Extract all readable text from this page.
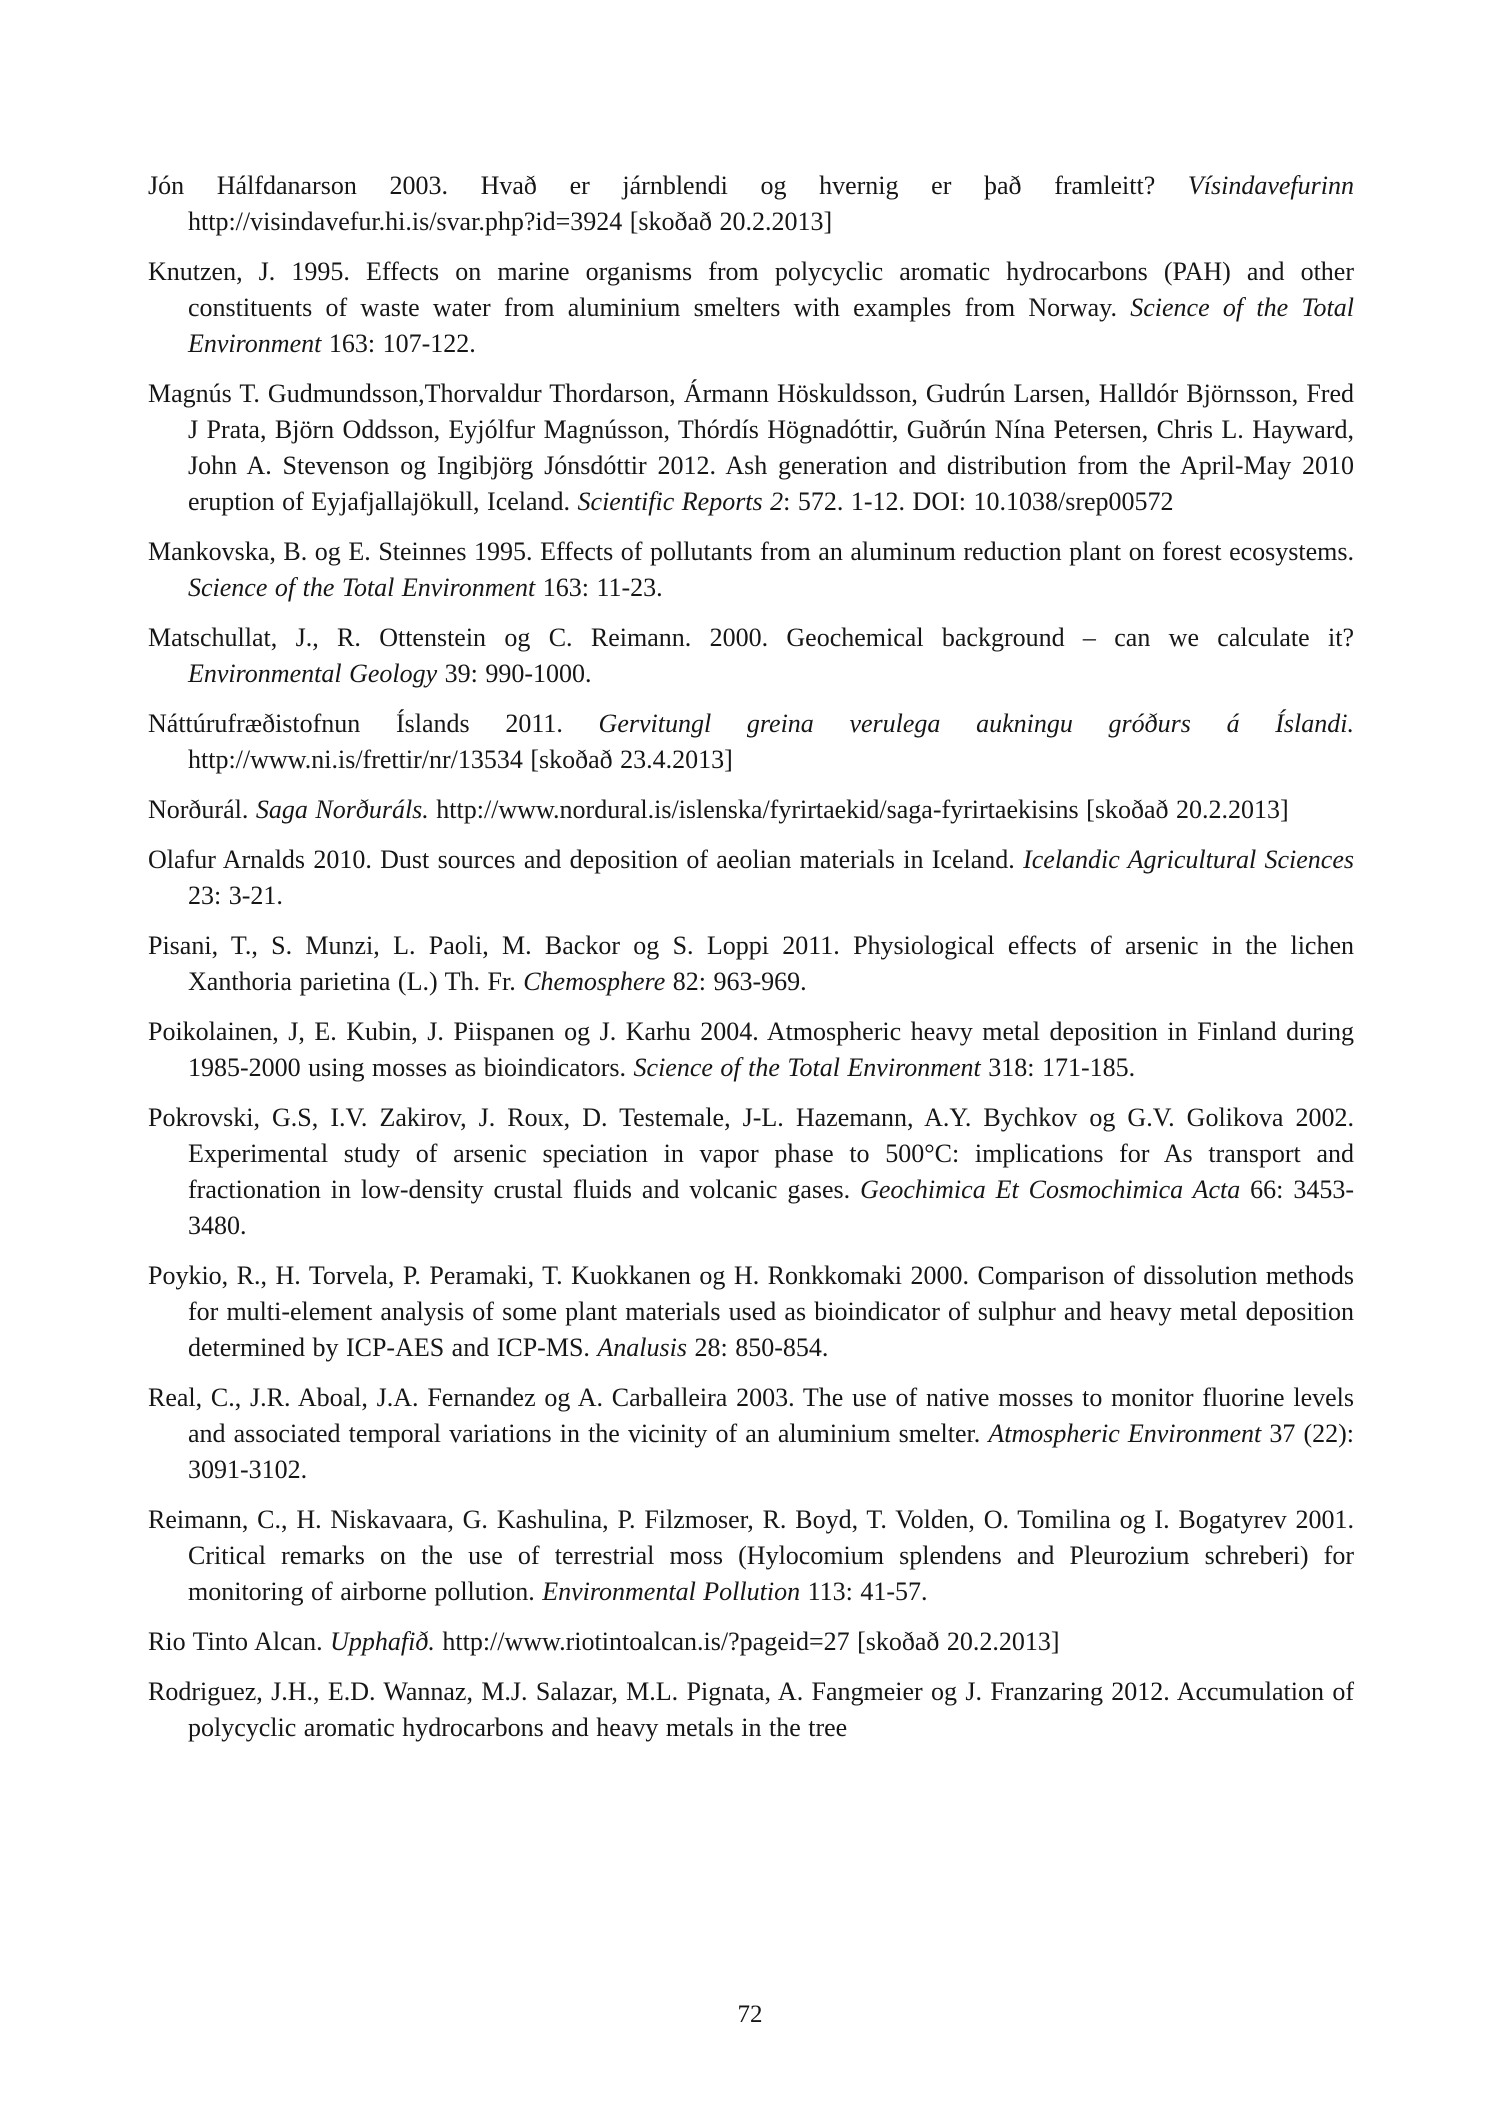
Jón Hálfdanarson 2003. Hvað er járnblendi og hvernig er það framleitt? Vísindavefurinn http://visindavefur.hi.is/svar.php?id=3924 [skoðað 20.2.2013]

Knutzen, J. 1995. Effects on marine organisms from polycyclic aromatic hydrocarbons (PAH) and other constituents of waste water from aluminium smelters with examples from Norway. Science of the Total Environment 163: 107-122.

Magnús T. Gudmundsson,Thorvaldur Thordarson, Ármann Höskuldsson, Gudrún Larsen, Halldór Björnsson, Fred J Prata, Björn Oddsson, Eyjólfur Magnússon, Thórdís Högnadóttir, Guðrún Nína Petersen, Chris L. Hayward, John A. Stevenson og Ingibjörg Jónsdóttir 2012. Ash generation and distribution from the April-May 2010 eruption of Eyjafjallajökull, Iceland. Scientific Reports 2: 572. 1-12. DOI: 10.1038/srep00572

Mankovska, B. og E. Steinnes 1995. Effects of pollutants from an aluminum reduction plant on forest ecosystems. Science of the Total Environment 163: 11-23.

Matschullat, J., R. Ottenstein og C. Reimann. 2000. Geochemical background – can we calculate it? Environmental Geology 39: 990-1000.

Náttúrufræðistofnun Íslands 2011. Gervitungl greina verulega aukningu gróðurs á Íslandi. http://www.ni.is/frettir/nr/13534 [skoðað 23.4.2013]

Norðurál. Saga Norðuráls. http://www.nordural.is/islenska/fyrirtaekid/saga-fyrirtaekisins [skoðað 20.2.2013]

Olafur Arnalds 2010. Dust sources and deposition of aeolian materials in Iceland. Icelandic Agricultural Sciences 23: 3-21.

Pisani, T., S. Munzi, L. Paoli, M. Backor og S. Loppi 2011. Physiological effects of arsenic in the lichen Xanthoria parietina (L.) Th. Fr. Chemosphere 82: 963-969.

Poikolainen, J, E. Kubin, J. Piispanen og J. Karhu 2004. Atmospheric heavy metal deposition in Finland during 1985-2000 using mosses as bioindicators. Science of the Total Environment 318: 171-185.

Pokrovski, G.S, I.V. Zakirov, J. Roux, D. Testemale, J-L. Hazemann, A.Y. Bychkov og G.V. Golikova 2002. Experimental study of arsenic speciation in vapor phase to 500°C: implications for As transport and fractionation in low-density crustal fluids and volcanic gases. Geochimica Et Cosmochimica Acta 66: 3453-3480.

Poykio, R., H. Torvela, P. Peramaki, T. Kuokkanen og H. Ronkkomaki 2000. Comparison of dissolution methods for multi-element analysis of some plant materials used as bioindicator of sulphur and heavy metal deposition determined by ICP-AES and ICP-MS. Analusis 28: 850-854.

Real, C., J.R. Aboal, J.A. Fernandez og A. Carballeira 2003. The use of native mosses to monitor fluorine levels and associated temporal variations in the vicinity of an aluminium smelter. Atmospheric Environment 37 (22): 3091-3102.

Reimann, C., H. Niskavaara, G. Kashulina, P. Filzmoser, R. Boyd, T. Volden, O. Tomilina og I. Bogatyrev 2001. Critical remarks on the use of terrestrial moss (Hylocomium splendens and Pleurozium schreberi) for monitoring of airborne pollution. Environmental Pollution 113: 41-57.

Rio Tinto Alcan. Upphafið. http://www.riotintoalcan.is/?pageid=27 [skoðað 20.2.2013]

Rodriguez, J.H., E.D. Wannaz, M.J. Salazar, M.L. Pignata, A. Fangmeier og J. Franzaring 2012. Accumulation of polycyclic aromatic hydrocarbons and heavy metals in the tree

72
